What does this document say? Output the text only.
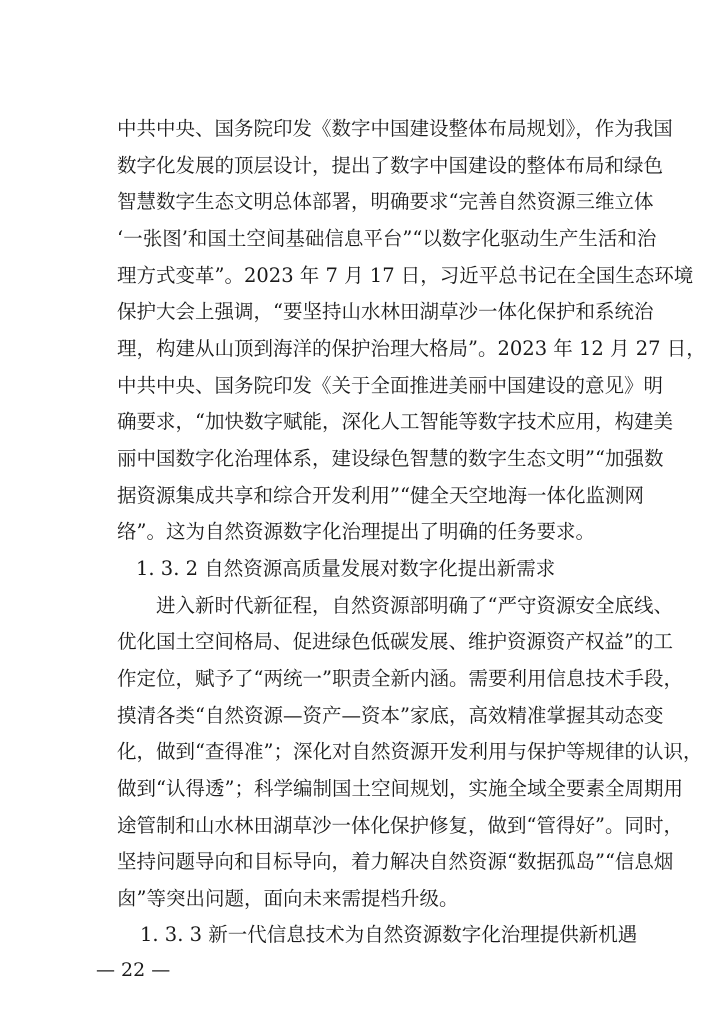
中共中央、国务院印发《数字中国建设整体布局规划》，作为我国
数字化发展的顶层设计，提出了数字中国建设的整体布局和绿色
智慧数字生态文明总体部署，明确要求“完善自然资源三维立体
‘一张图’和国土空间基础信息平台”“以数字化驱动生产生活和治
理方式变革”。2023 年 7 月 17 日，习近平总书记在全国生态环境
保护大会上强调，“要坚持山水林田湖草沙一体化保护和系统治
理，构建从山顶到海洋的保护治理大格局”。2023 年 12 月 27 日，
中共中央、国务院印发《关于全面推进美丽中国建设的意见》明
确要求，“加快数字赋能，深化人工智能等数字技术应用，构建美
丽中国数字化治理体系，建设绿色智慧的数字生态文明”“加强数
据资源集成共享和综合开发利用”“健全天空地海一体化监测网
络”。这为自然资源数字化治理提出了明确的任务要求。
1. 3. 2 自然资源高质量发展对数字化提出新需求
进入新时代新征程，自然资源部明确了“严守资源安全底线、
优化国土空间格局、促进绿色低碳发展、维护资源资产权益”的工
作定位，赋予了“两统一”职责全新内涵。需要利用信息技术手段，
摸清各类“自然资源—资产—资本”家底，高效精准掌握其动态变
化，做到“查得准”；深化对自然资源开发利用与保护等规律的认识，
做到“认得透”；科学编制国土空间规划，实施全域全要素全周期用
途管制和山水林田湖草沙一体化保护修复，做到“管得好”。同时，
坚持问题导向和目标导向，着力解决自然资源“数据孤岛”“信息烟
囱”等突出问题，面向未来需提档升级。
1. 3. 3 新一代信息技术为自然资源数字化治理提供新机遇
— 22 —
